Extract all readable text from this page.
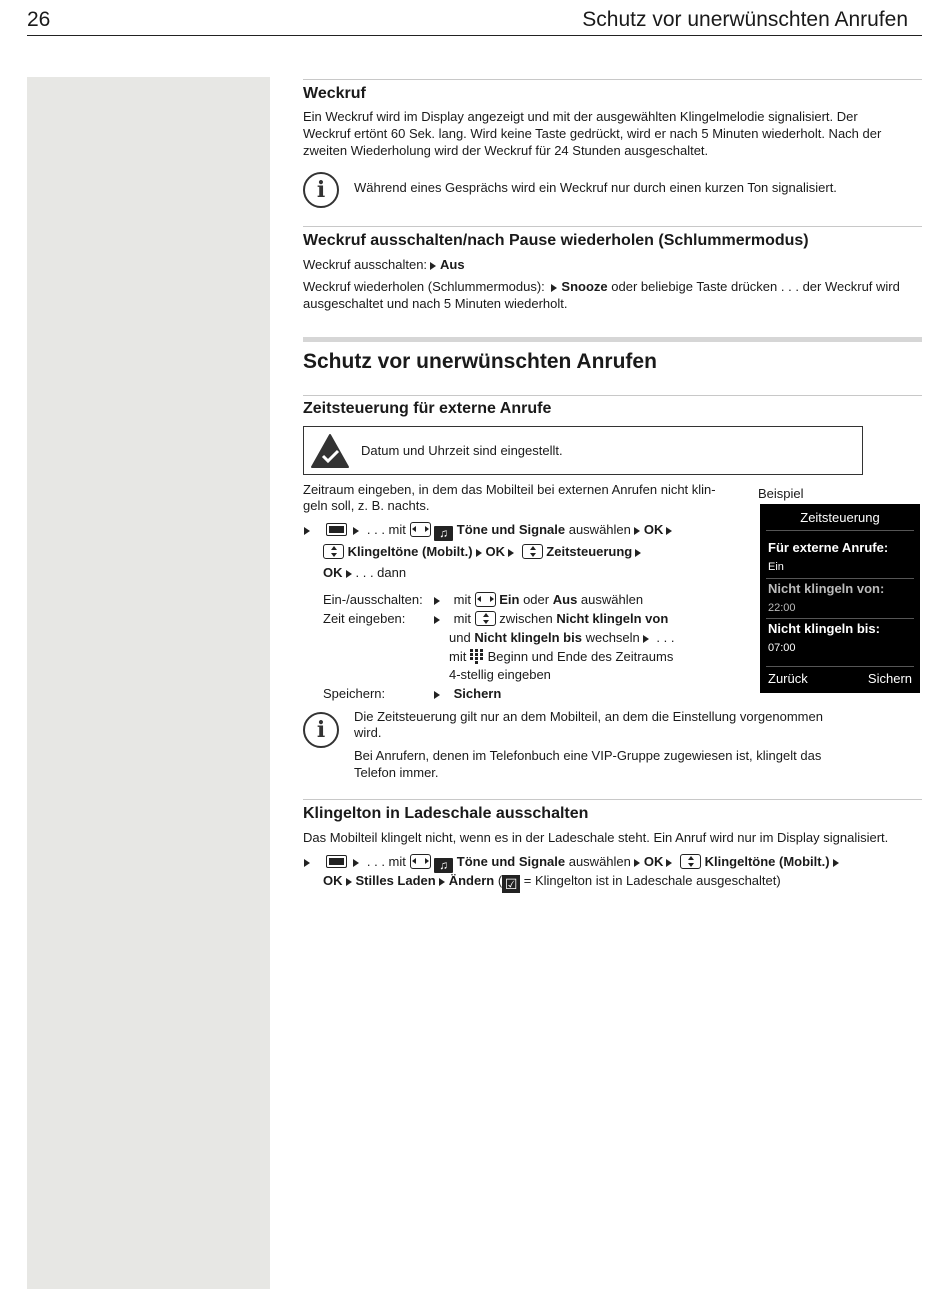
26	Schutz vor unerwünschten Anrufen
Weckruf

Ein Weckruf wird im Display angezeigt und mit der ausgewählten Klingelmelodie signalisiert. Der Weckruf ertönt 60 Sek. lang. Wird keine Taste gedrückt, wird er nach 5 Minuten wiederholt. Nach der zweiten Wiederholung wird der Weckruf für 24 Stunden ausgeschaltet.

i	Während eines Gesprächs wird ein Weckruf nur durch einen kurzen Ton signalisiert.

Weckruf ausschalten/nach Pause wiederholen (Schlummermodus)

Weckruf ausschalten: Aus

Weckruf wiederholen (Schlummermodus): Snooze oder beliebige Taste drücken . . . der Weckruf wird

ausgeschaltet und nach 5 Minuten wiederholt.

Schutz vor unerwünschten Anrufen
Zeitsteuerung für externe Anrufe
Datum und Uhrzeit sind eingestellt.

Zeitraum eingeben, in dem das Mobilteil bei externen Anrufen nicht klin-

geln soll, z. B. nachts.

. . . mit	♫ Töne und Signale auswählen OK
Klingeltöne (Mobilt.) OK	Zeitsteuerung
OK . . . dann
Ein-/ausschalten:	mit Ein oder Aus auswählen
Zeit eingeben:	mit zwischen Nicht klingeln von
und Nicht klingeln bis wechseln . . .
mit Beginn und Ende des Zeitraums
4-stellig eingeben
Speichern:	Sichern
i

Die Zeitsteuerung gilt nur an dem Mobilteil, an dem die Einstellung vorgenommen

wird.

Bei Anrufern, denen im Telefonbuch eine VIP-Gruppe zugewiesen ist, klingelt das

Telefon immer.

Klingelton in Ladeschale ausschalten

Das Mobilteil klingelt nicht, wenn es in der Ladeschale steht. Ein Anruf wird nur im Display signalisiert.

. . . mit	♫ Töne und Signale auswählen OK	Klingeltöne (Mobilt.)
OK Stilles Laden Ändern ( ☑ = Klingelton ist in Ladeschale ausgeschaltet)
Beispiel
Zeitsteuerung
Für externe Anrufe:
Ein
Nicht klingeln von:
22:00
Nicht klingeln bis:
07:00
Zurück	Sichern
